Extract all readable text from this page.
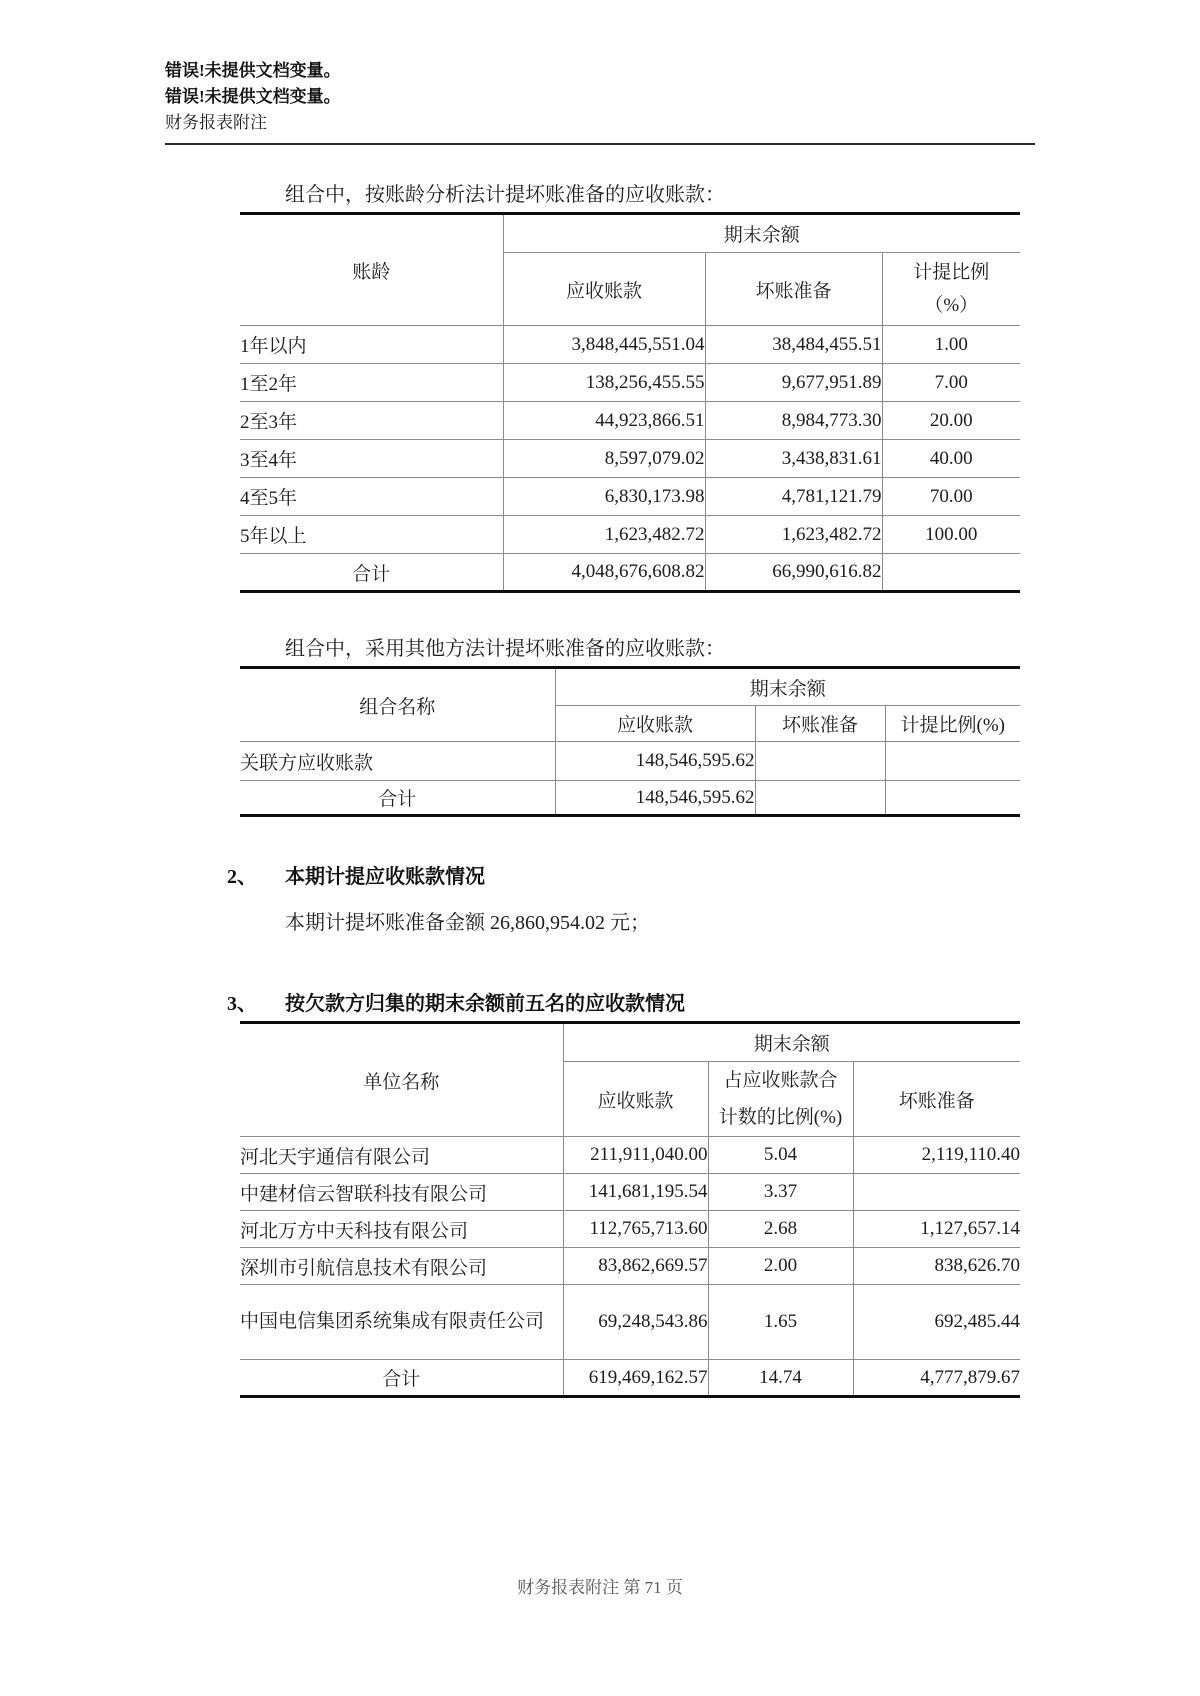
错误!未提供文档变量。
错误!未提供文档变量。
财务报表附注
组合中，按账龄分析法计提坏账准备的应收账款：
账龄	期末余额		
	应收账款	坏账准备	计提比例
（%）

1年以内	3,848,445,551.04	38,484,455.51	1.00
1至2年	138,256,455.55	9,677,951.89	7.00
2至3年	44,923,866.51	8,984,773.30	20.00
3至4年	8,597,079.02	3,438,831.61	40.00
4至5年	6,830,173.98	4,781,121.79	70.00
5年以上	1,623,482.72	1,623,482.72	100.00
合计	4,048,676,608.82	66,990,616.82	
组合中，采用其他方法计提坏账准备的应收账款：
组合名称	期末余额		
	应收账款	坏账准备	计提比例(%)
关联方应收账款	148,546,595.62		
合计	148,546,595.62		
2、	本期计提应收账款情况
本期计提坏账准备金额 26,860,954.02 元；
3、	按欠款方归集的期末余额前五名的应收款情况
单位名称	期末余额		
	应收账款	占应收账款合
计数的比例(%)	坏账准备
河北天宇通信有限公司	211,911,040.00	5.04	2,119,110.40
中建材信云智联科技有限公司	141,681,195.54	3.37	
河北万方中天科技有限公司	112,765,713.60	2.68	1,127,657.14
深圳市引航信息技术有限公司	83,862,669.57	2.00	838,626.70
中国电信集团系统集成有限责任公司	69,248,543.86	1.65	692,485.44
合计	619,469,162.57	14.74	4,777,879.67
财务报表附注 第 71 页
